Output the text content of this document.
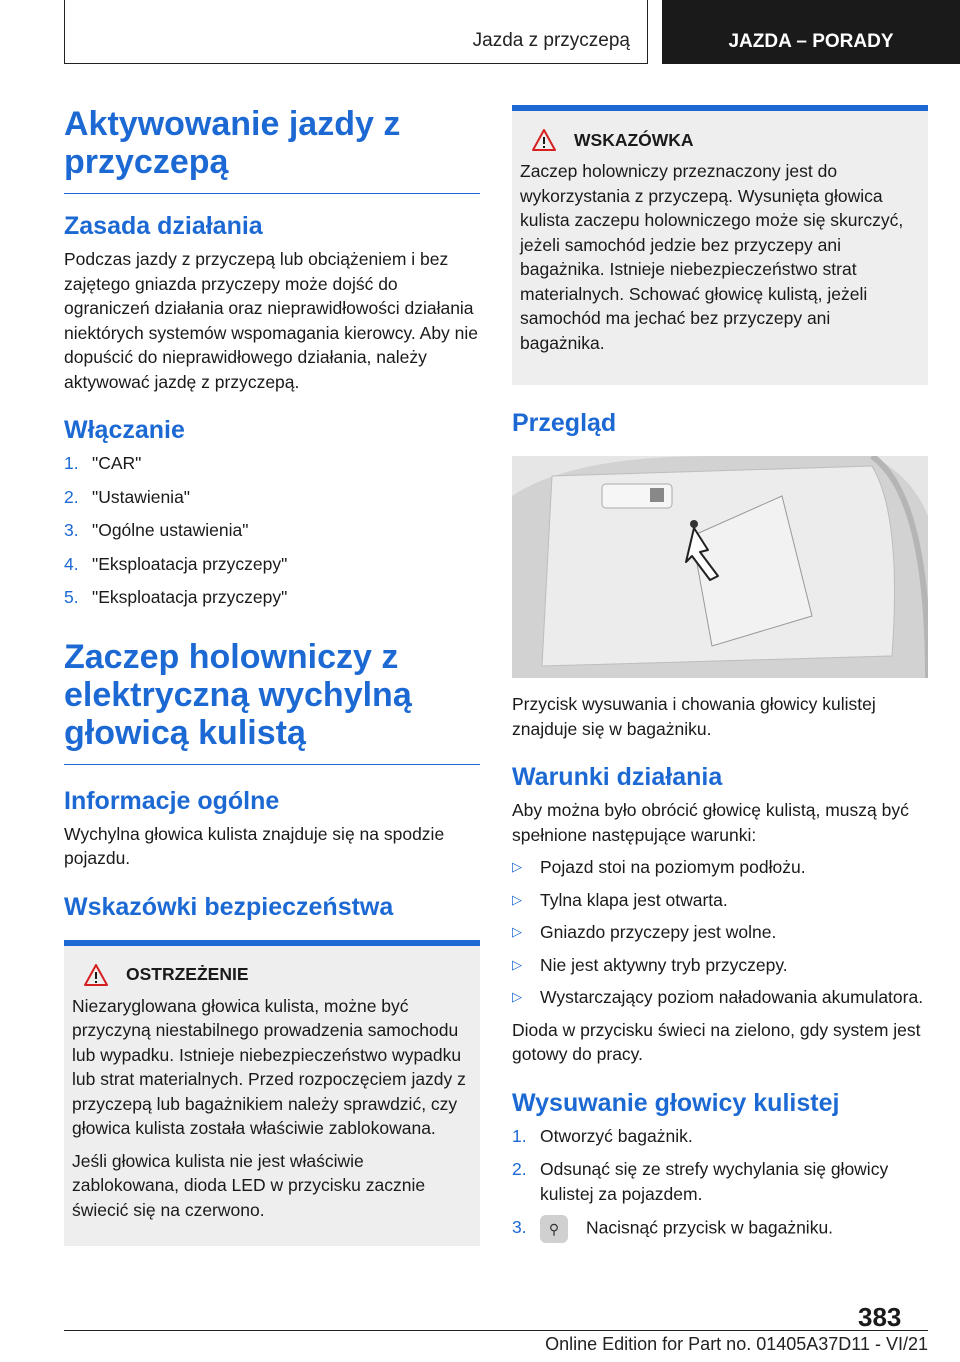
Jazda z przyczepą	JAZDA – PORADY
Aktywowanie jazdy z przyczepą
Zasada działania

Podczas jazdy z przyczepą lub obciążeniem i bez zajętego gniazda przyczepy może dojść do ograniczeń działania oraz nieprawidłowości działania niektórych systemów wspomagania kierowcy. Aby nie dopuścić do nieprawidłowego działania, należy aktywować jazdę z przyczepą.

Włączanie
1. "CAR"
2. "Ustawienia"
3. "Ogólne ustawienia"
4. "Eksploatacja przyczepy"
5. "Eksploatacja przyczepy"
Zaczep holowniczy z elektryczną wychylną głowicą kulistą
Informacje ogólne

Wychylna głowica kulista znajduje się na spodzie pojazdu.

Wskazówki bezpieczeństwa
OSTRZEŻENIE

Niezaryglowana głowica kulista, możne być przyczyną niestabilnego prowadzenia samochodu lub wypadku. Istnieje niebezpieczeństwo wypadku lub strat materialnych. Przed rozpoczęciem jazdy z przyczepą lub bagażnikiem należy sprawdzić, czy głowica kulista została właściwie zablokowana.

Jeśli głowica kulista nie jest właściwie zablokowana, dioda LED w przycisku zacznie świecić się na czerwono.

WSKAZÓWKA

Zaczep holowniczy przeznaczony jest do wykorzystania z przyczepą. Wysunięta głowica kulista zaczepu holowniczego może się skurczyć, jeżeli samochód jedzie bez przyczepy ani bagażnika. Istnieje niebezpieczeństwo strat materialnych. Schować głowicę kulistą, jeżeli samochód ma jechać bez przyczepy ani bagażnika.

Przegląd

Przycisk wysuwania i chowania głowicy kulistej znajduje się w bagażniku.

Warunki działania

Aby można było obrócić głowicę kulistą, muszą być spełnione następujące warunki:

▷	Pojazd stoi na poziomym podłożu.
▷	Tylna klapa jest otwarta.
▷	Gniazdo przyczepy jest wolne.
▷	Nie jest aktywny tryb przyczepy.
▷	Wystarczający poziom naładowania akumulatora.

Dioda w przycisku świeci na zielono, gdy system jest gotowy do pracy.

Wysuwanie głowicy kulistej
1. Otworzyć bagażnik.
2. Odsunąć się ze strefy wychylania się głowicy kulistej za pojazdem.
3.	⚲ Nacisnąć przycisk w bagażniku.
383
Online Edition for Part no. 01405A37D11 - VI/21
